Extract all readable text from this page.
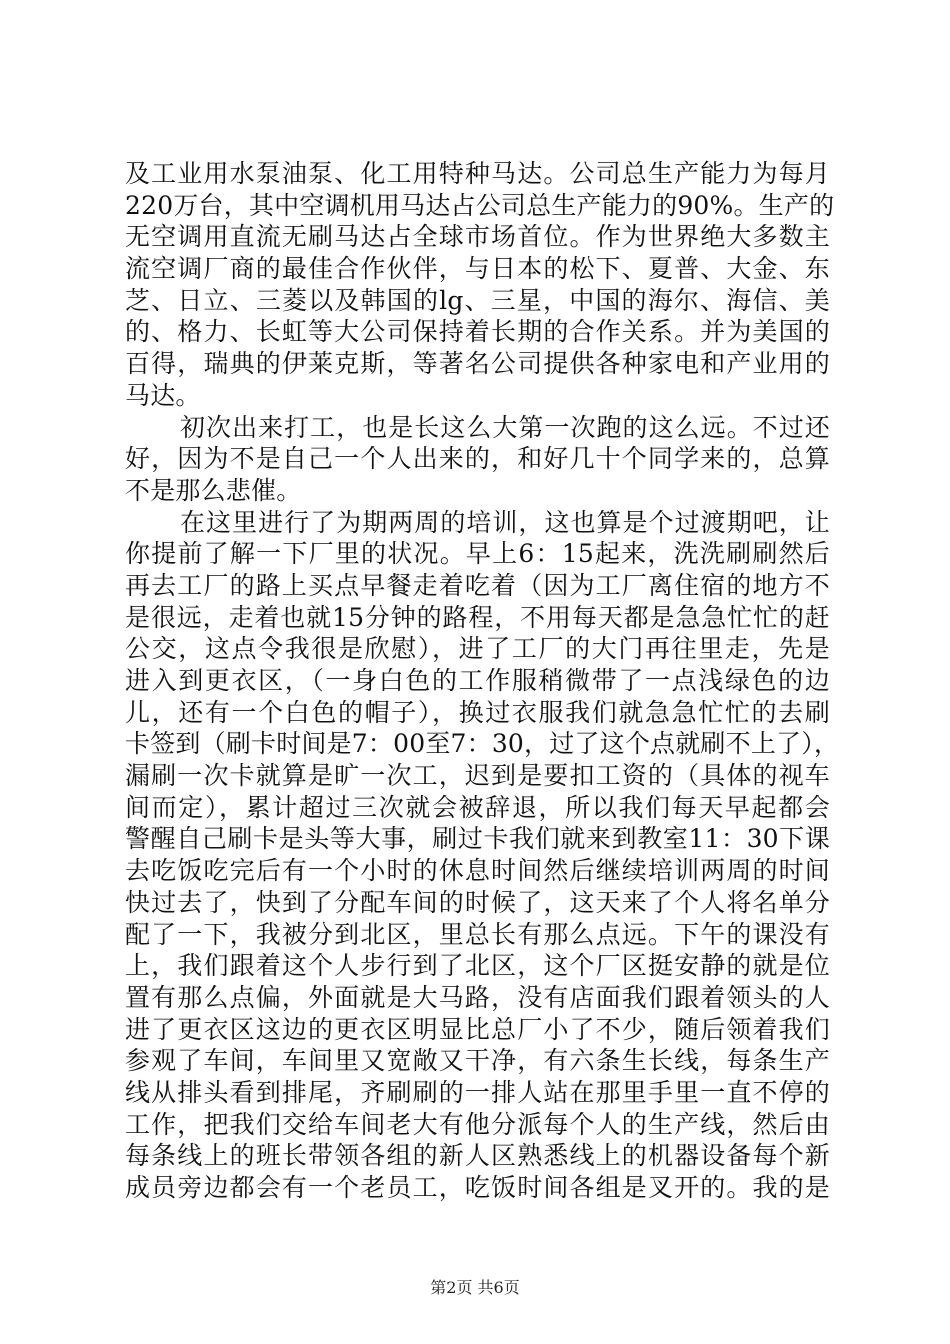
及工业用水泵油泵、化工用特种马达。公司总生产能力为每月
220万台，其中空调机用马达占公司总生产能力的90%。生产的
无空调用直流无刷马达占全球市场首位。作为世界绝大多数主
流空调厂商的最佳合作伙伴，与日本的松下、夏普、大金、东
芝、日立、三菱以及韩国的lg、三星，中国的海尔、海信、美
的、格力、长虹等大公司保持着长期的合作关系。并为美国的
百得，瑞典的伊莱克斯，等著名公司提供各种家电和产业用的
马达。
初次出来打工，也是长这么大第一次跑的这么远。不过还
好，因为不是自己一个人出来的，和好几十个同学来的，总算
不是那么悲催。
在这里进行了为期两周的培训，这也算是个过渡期吧，让
你提前了解一下厂里的状况。早上6：15起来，洗洗刷刷然后
再去工厂的路上买点早餐走着吃着（因为工厂离住宿的地方不
是很远，走着也就15分钟的路程，不用每天都是急急忙忙的赶
公交，这点令我很是欣慰），进了工厂的大门再往里走，先是
进入到更衣区，（一身白色的工作服稍微带了一点浅绿色的边
儿，还有一个白色的帽子），换过衣服我们就急急忙忙的去刷
卡签到（刷卡时间是7：00至7：30，过了这个点就刷不上了），
漏刷一次卡就算是旷一次工，迟到是要扣工资的（具体的视车
间而定），累计超过三次就会被辞退，所以我们每天早起都会
警醒自己刷卡是头等大事，刷过卡我们就来到教室11：30下课
去吃饭吃完后有一个小时的休息时间然后继续培训两周的时间
快过去了，快到了分配车间的时候了，这天来了个人将名单分
配了一下，我被分到北区，里总长有那么点远。下午的课没有
上，我们跟着这个人步行到了北区，这个厂区挺安静的就是位
置有那么点偏，外面就是大马路，没有店面我们跟着领头的人
进了更衣区这边的更衣区明显比总厂小了不少，随后领着我们
参观了车间，车间里又宽敞又干净，有六条生长线，每条生产
线从排头看到排尾，齐刷刷的一排人站在那里手里一直不停的
工作，把我们交给车间老大有他分派每个人的生产线，然后由
每条线上的班长带领各组的新人区熟悉线上的机器设备每个新
成员旁边都会有一个老员工，吃饭时间各组是叉开的。我的是
第2页 共6页
